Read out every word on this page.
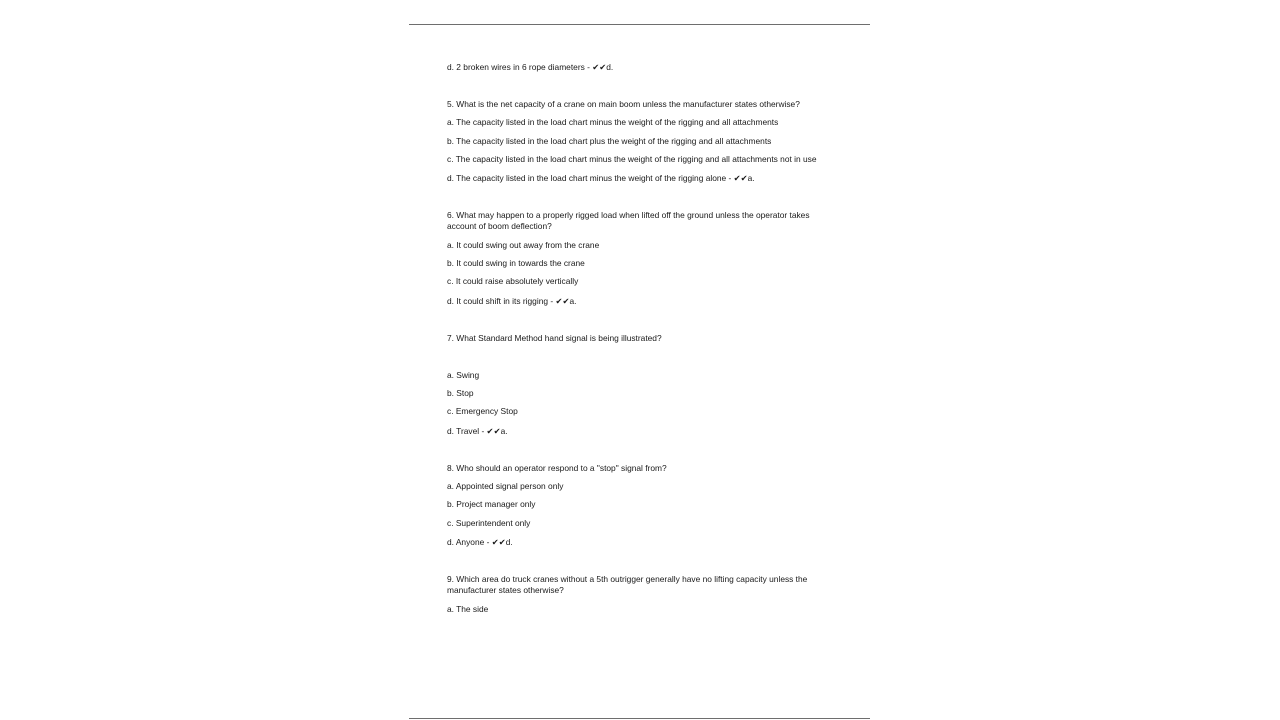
d. 2 broken wires in 6 rope diameters - ✔✔d.
5. What is the net capacity of a crane on main boom unless the manufacturer states otherwise?
a. The capacity listed in the load chart minus the weight of the rigging and all attachments
b. The capacity listed in the load chart plus the weight of the rigging and all attachments
c. The capacity listed in the load chart minus the weight of the rigging and all attachments not in use
d. The capacity listed in the load chart minus the weight of the rigging alone - ✔✔a.
6. What may happen to a properly rigged load when lifted off the ground unless the operator takes account of boom deflection?
a. It could swing out away from the crane
b. It could swing in towards the crane
c. It could raise absolutely vertically
d. It could shift in its rigging - ✔✔a.
7. What Standard Method hand signal is being illustrated?
a. Swing
b. Stop
c. Emergency Stop
d. Travel - ✔✔a.
8. Who should an operator respond to a "stop" signal from?
a. Appointed signal person only
b. Project manager only
c. Superintendent only
d. Anyone - ✔✔d.
9. Which area do truck cranes without a 5th outrigger generally have no lifting capacity unless the manufacturer states otherwise?
a. The side
